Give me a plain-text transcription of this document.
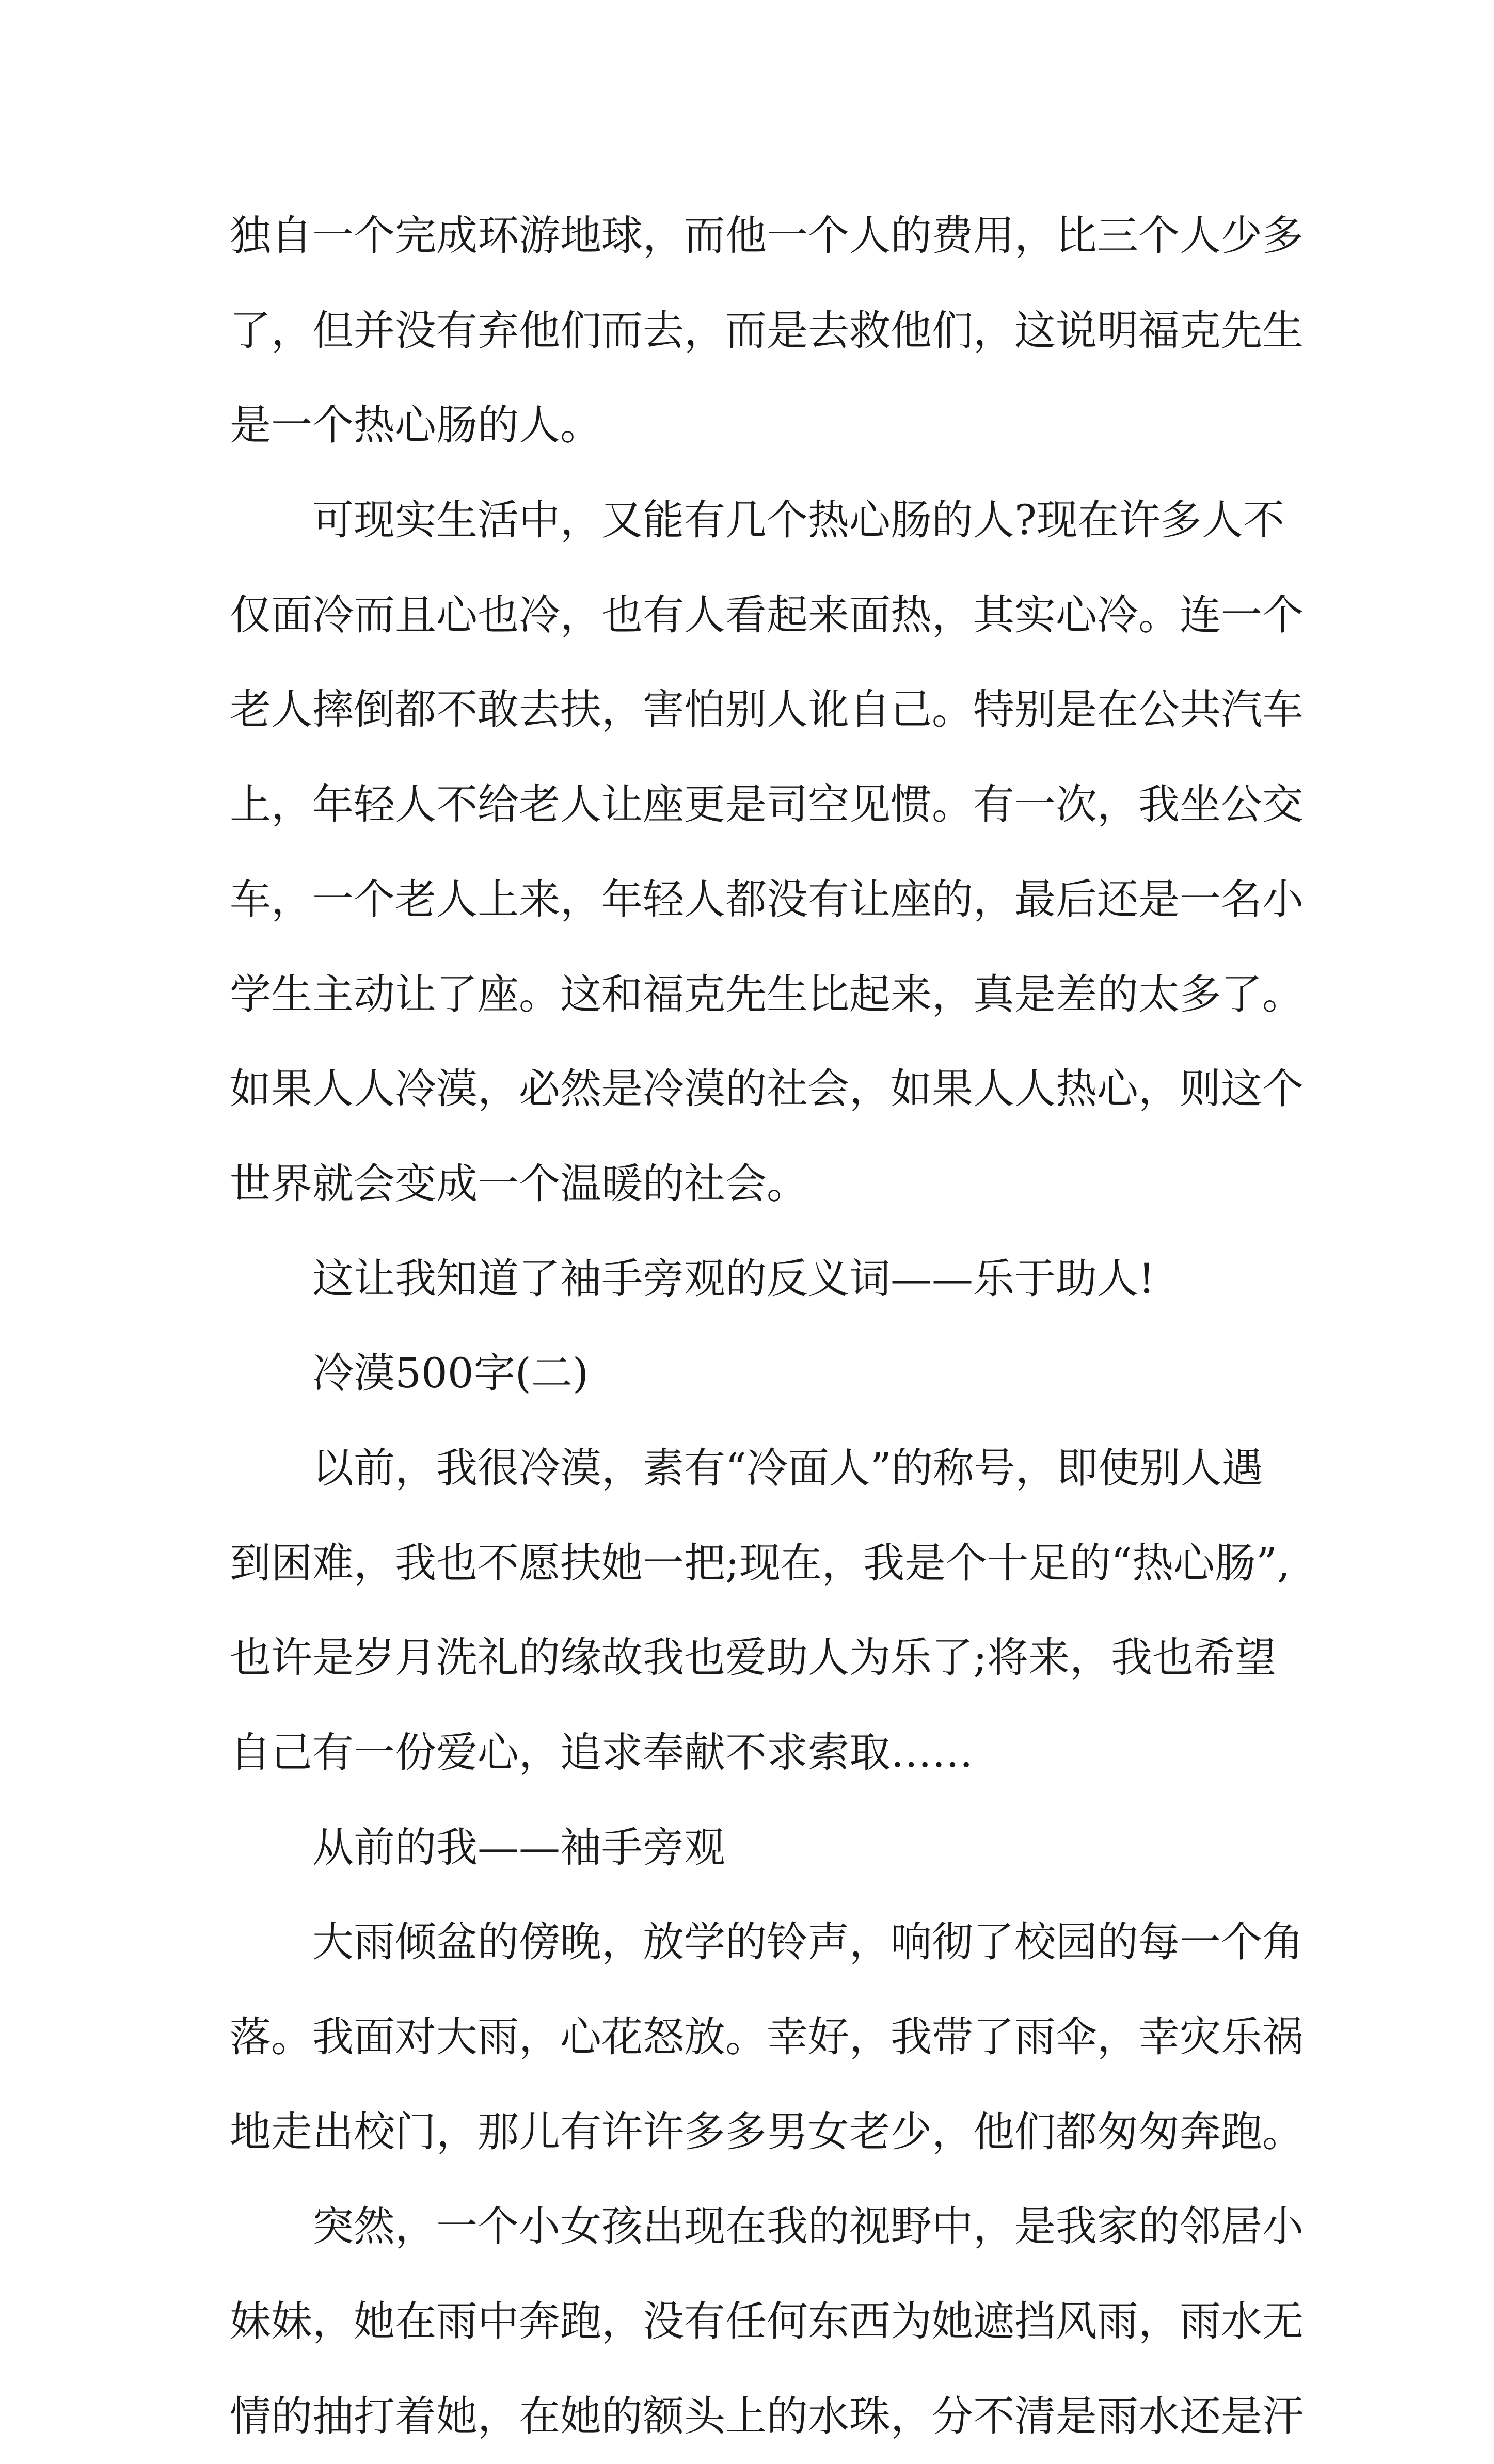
独自一个完成环游地球，而他一个人的费用，比三个人少多
了，但并没有弃他们而去，而是去救他们，这说明福克先生
是一个热心肠的人。
可现实生活中，又能有几个热心肠的人?现在许多人不
仅面冷而且心也冷，也有人看起来面热，其实心冷。连一个
老人摔倒都不敢去扶，害怕别人讹自己。特别是在公共汽车
上，年轻人不给老人让座更是司空见惯。有一次，我坐公交
车，一个老人上来，年轻人都没有让座的，最后还是一名小
学生主动让了座。这和福克先生比起来，真是差的太多了。
如果人人冷漠，必然是冷漠的社会，如果人人热心，则这个
世界就会变成一个温暖的社会。
这让我知道了袖手旁观的反义词——乐于助人!
冷漠500字(二)
以前，我很冷漠，素有“冷面人”的称号，即使别人遇
到困难，我也不愿扶她一把;现在，我是个十足的“热心肠”,
也许是岁月洗礼的缘故我也爱助人为乐了;将来，我也希望
自己有一份爱心，追求奉献不求索取……
从前的我——袖手旁观
大雨倾盆的傍晚，放学的铃声，响彻了校园的每一个角
落。我面对大雨，心花怒放。幸好，我带了雨伞，幸灾乐祸
地走出校门，那儿有许许多多男女老少，他们都匆匆奔跑。
突然，一个小女孩出现在我的视野中，是我家的邻居小
妹妹，她在雨中奔跑，没有任何东西为她遮挡风雨，雨水无
情的抽打着她，在她的额头上的水珠，分不清是雨水还是汗
